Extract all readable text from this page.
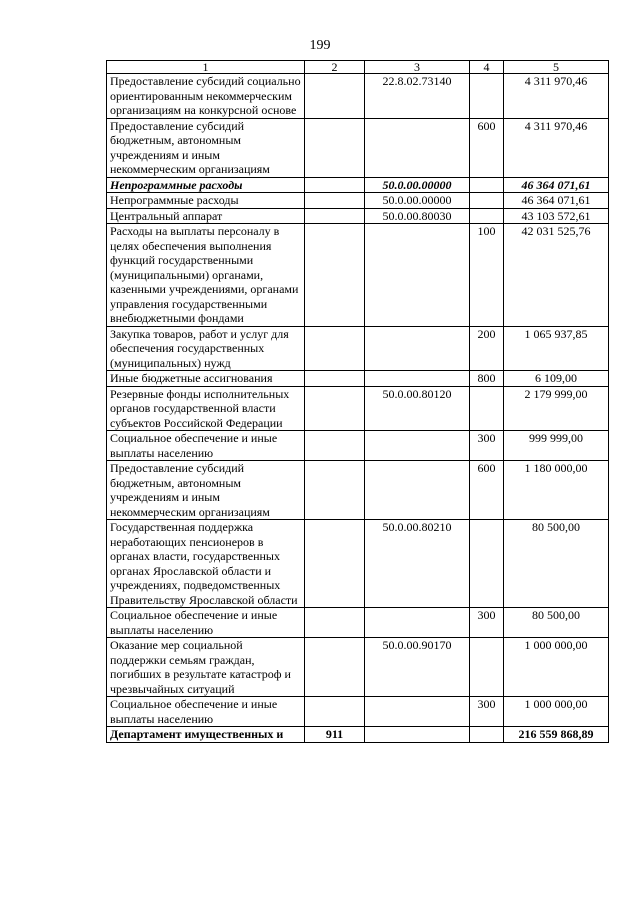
199
1	2	3	4	5
Предоставление субсидий социально ориентированным некоммерческим организациям на конкурсной основе		22.8.02.73140		4 311 970,46
Предоставление субсидий бюджетным, автономным учреждениям и иным некоммерческим организациям			600	4 311 970,46
Непрограммные расходы		50.0.00.00000		46 364 071,61
Непрограммные расходы		50.0.00.00000		46 364 071,61
Центральный аппарат		50.0.00.80030		43 103 572,61
Расходы на выплаты персоналу в целях обеспечения выполнения функций государственными (муниципальными) органами, казенными учреждениями, органами управления государственными внебюджетными фондами			100	42 031 525,76
Закупка товаров, работ и услуг для обеспечения государственных (муниципальных) нужд			200	1 065 937,85
Иные бюджетные ассигнования			800	6 109,00
Резервные фонды исполнительных органов государственной власти субъектов Российской Федерации		50.0.00.80120		2 179 999,00
Социальное обеспечение и иные выплаты населению			300	999 999,00
Предоставление субсидий бюджетным, автономным учреждениям и иным некоммерческим организациям			600	1 180 000,00
Государственная поддержка неработающих пенсионеров в органах власти, государственных органах Ярославской области и учреждениях, подведомственных Правительству Ярославской области		50.0.00.80210		80 500,00
Социальное обеспечение и иные выплаты населению			300	80 500,00
Оказание мер социальной поддержки семьям граждан, погибших в результате катастроф и чрезвычайных ситуаций		50.0.00.90170		1 000 000,00
Социальное обеспечение и иные выплаты населению			300	1 000 000,00
Департамент имущественных и	911			216 559 868,89
